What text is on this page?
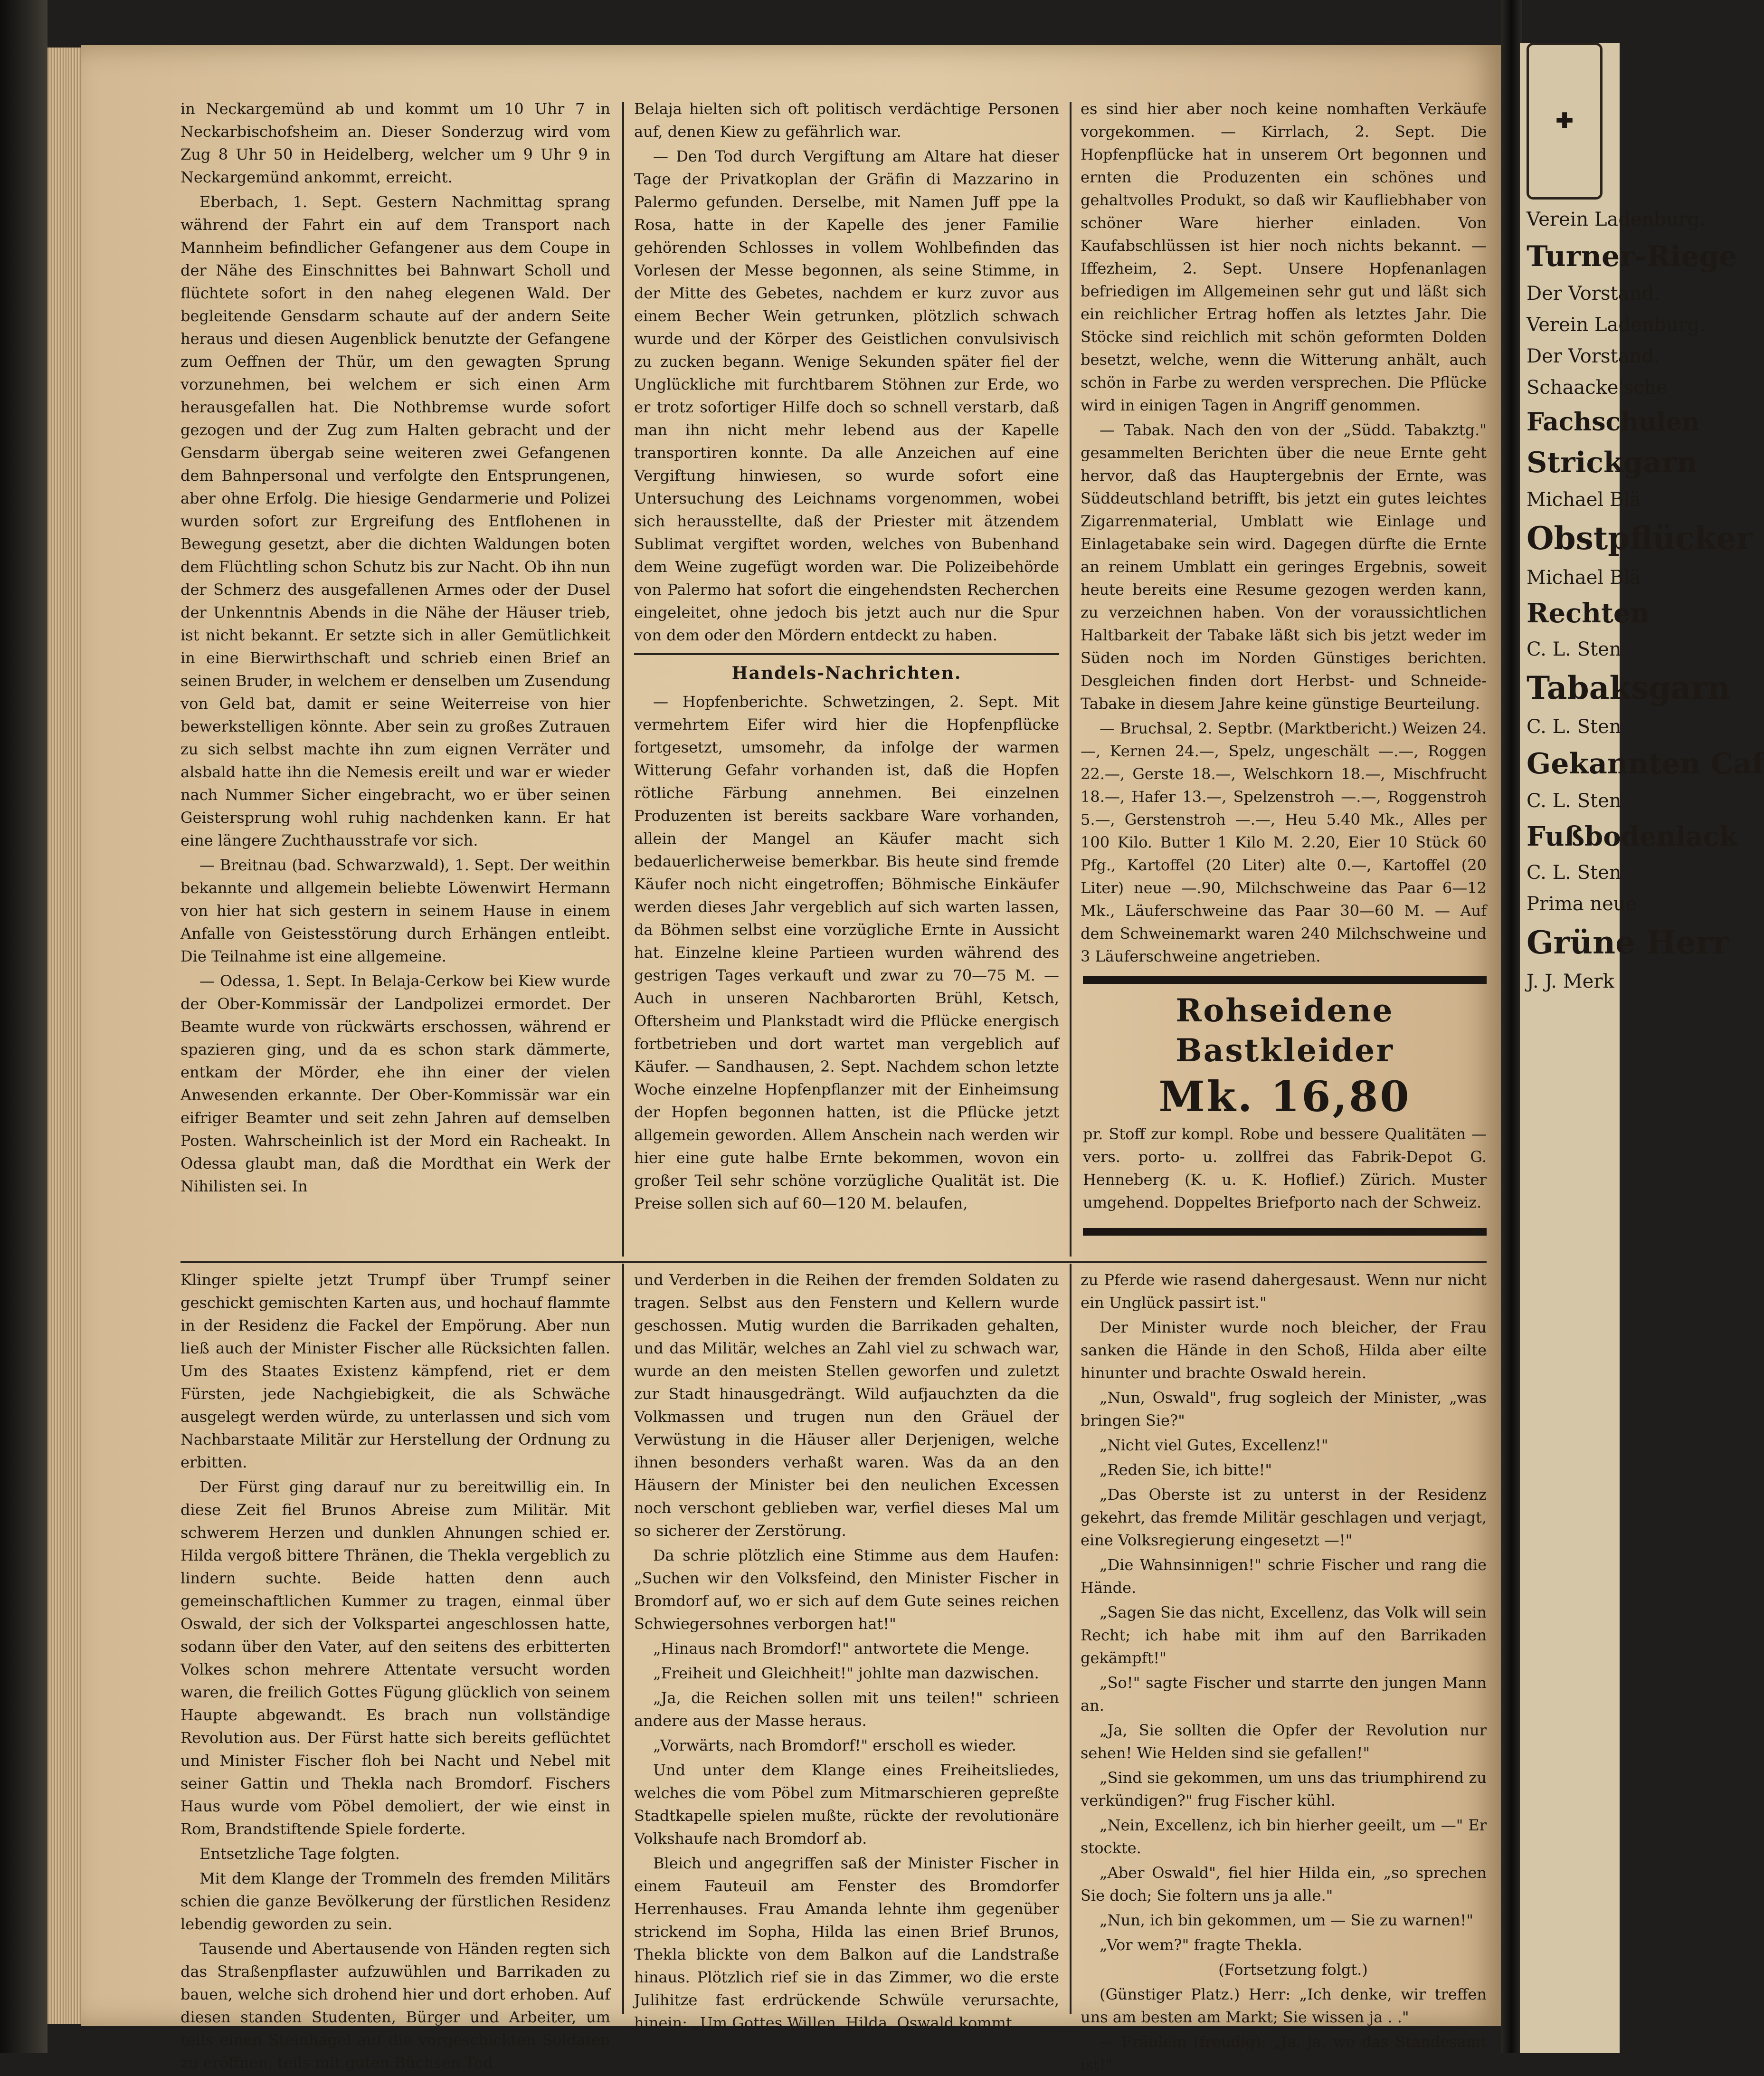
in Neckargemünd ab und kommt um 10 Uhr 7 in Neckarbischofsheim an. Dieser Sonderzug wird vom Zug 8 Uhr 50 in Heidelberg, welcher um 9 Uhr 9 in Neckargemünd ankommt, erreicht.

Eberbach, 1. Sept. Gestern Nachmittag sprang während der Fahrt ein auf dem Transport nach Mannheim befindlicher Gefangener aus dem Coupe in der Nähe des Einschnittes bei Bahnwart Scholl und flüchtete sofort in den naheg elegenen Wald. Der begleitende Gensdarm schaute auf der andern Seite heraus und diesen Augenblick benutzte der Gefangene zum Oeffnen der Thür, um den gewagten Sprung vorzunehmen, bei welchem er sich einen Arm herausgefallen hat. Die Nothbremse wurde sofort gezogen und der Zug zum Halten gebracht und der Gensdarm übergab seine weiteren zwei Gefangenen dem Bahnpersonal und verfolgte den Entsprungenen, aber ohne Erfolg. Die hiesige Gendarmerie und Polizei wurden sofort zur Ergreifung des Entflohenen in Bewegung gesetzt, aber die dichten Waldungen boten dem Flüchtling schon Schutz bis zur Nacht. Ob ihn nun der Schmerz des ausgefallenen Armes oder der Dusel der Unkenntnis Abends in die Nähe der Häuser trieb, ist nicht bekannt. Er setzte sich in aller Gemütlichkeit in eine Bierwirthschaft und schrieb einen Brief an seinen Bruder, in welchem er denselben um Zusendung von Geld bat, damit er seine Weiterreise von hier bewerkstelligen könnte. Aber sein zu großes Zutrauen zu sich selbst machte ihn zum eignen Verräter und alsbald hatte ihn die Nemesis ereilt und war er wieder nach Nummer Sicher eingebracht, wo er über seinen Geistersprung wohl ruhig nachdenken kann. Er hat eine längere Zuchthausstrafe vor sich.

— Breitnau (bad. Schwarzwald), 1. Sept. Der weithin bekannte und allgemein beliebte Löwenwirt Hermann von hier hat sich gestern in seinem Hause in einem Anfalle von Geistesstörung durch Erhängen entleibt. Die Teilnahme ist eine allgemeine.

— Odessa, 1. Sept. In Belaja-Cerkow bei Kiew wurde der Ober-Kommissär der Landpolizei ermordet. Der Beamte wurde von rückwärts erschossen, während er spazieren ging, und da es schon stark dämmerte, entkam der Mörder, ehe ihn einer der vielen Anwesenden erkannte. Der Ober-Kommissär war ein eifriger Beamter und seit zehn Jahren auf demselben Posten. Wahrscheinlich ist der Mord ein Racheakt. In Odessa glaubt man, daß die Mordthat ein Werk der Nihilisten sei. In

Belaja hielten sich oft politisch verdächtige Personen auf, denen Kiew zu gefährlich war.

— Den Tod durch Vergiftung am Altare hat dieser Tage der Privatkoplan der Gräfin di Mazzarino in Palermo gefunden. Derselbe, mit Namen Juff ppe la Rosa, hatte in der Kapelle des jener Familie gehörenden Schlosses in vollem Wohlbefinden das Vorlesen der Messe begonnen, als seine Stimme, in der Mitte des Gebetes, nachdem er kurz zuvor aus einem Becher Wein getrunken, plötzlich schwach wurde und der Körper des Geistlichen convulsivisch zu zucken begann. Wenige Sekunden später fiel der Unglückliche mit furchtbarem Stöhnen zur Erde, wo er trotz sofortiger Hilfe doch so schnell verstarb, daß man ihn nicht mehr lebend aus der Kapelle transportiren konnte. Da alle Anzeichen auf eine Vergiftung hinwiesen, so wurde sofort eine Untersuchung des Leichnams vorgenommen, wobei sich herausstellte, daß der Priester mit ätzendem Sublimat vergiftet worden, welches von Bubenhand dem Weine zugefügt worden war. Die Polizeibehörde von Palermo hat sofort die eingehendsten Recherchen eingeleitet, ohne jedoch bis jetzt auch nur die Spur von dem oder den Mördern entdeckt zu haben.

Handels-Nachrichten.

— Hopfenberichte. Schwetzingen, 2. Sept. Mit vermehrtem Eifer wird hier die Hopfenpflücke fortgesetzt, umsomehr, da infolge der warmen Witterung Gefahr vorhanden ist, daß die Hopfen rötliche Färbung annehmen. Bei einzelnen Produzenten ist bereits sackbare Ware vorhanden, allein der Mangel an Käufer macht sich bedauerlicherweise bemerkbar. Bis heute sind fremde Käufer noch nicht eingetroffen; Böhmische Einkäufer werden dieses Jahr vergeblich auf sich warten lassen, da Böhmen selbst eine vorzügliche Ernte in Aussicht hat. Einzelne kleine Partieen wurden während des gestrigen Tages verkauft und zwar zu 70—75 M. — Auch in unseren Nachbarorten Brühl, Ketsch, Oftersheim und Plankstadt wird die Pflücke energisch fortbetrieben und dort wartet man vergeblich auf Käufer. — Sandhausen, 2. Sept. Nachdem schon letzte Woche einzelne Hopfenpflanzer mit der Einheimsung der Hopfen begonnen hatten, ist die Pflücke jetzt allgemein geworden. Allem Anschein nach werden wir hier eine gute halbe Ernte bekommen, wovon ein großer Teil sehr schöne vorzügliche Qualität ist. Die Preise sollen sich auf 60—120 M. belaufen,

es sind hier aber noch keine nomhaften Verkäufe vorgekommen. — Kirrlach, 2. Sept. Die Hopfenpflücke hat in unserem Ort begonnen und ernten die Produzenten ein schönes und gehaltvolles Produkt, so daß wir Kaufliebhaber von schöner Ware hierher einladen. Von Kaufabschlüssen ist hier noch nichts bekannt. — Iffezheim, 2. Sept. Unsere Hopfenanlagen befriedigen im Allgemeinen sehr gut und läßt sich ein reichlicher Ertrag hoffen als letztes Jahr. Die Stöcke sind reichlich mit schön geformten Dolden besetzt, welche, wenn die Witterung anhält, auch schön in Farbe zu werden versprechen. Die Pflücke wird in einigen Tagen in Angriff genommen.

— Tabak. Nach den von der „Südd. Tabakztg." gesammelten Berichten über die neue Ernte geht hervor, daß das Hauptergebnis der Ernte, was Süddeutschland betrifft, bis jetzt ein gutes leichtes Zigarrenmaterial, Umblatt wie Einlage und Einlagetabake sein wird. Dagegen dürfte die Ernte an reinem Umblatt ein geringes Ergebnis, soweit heute bereits eine Resume gezogen werden kann, zu verzeichnen haben. Von der voraussichtlichen Haltbarkeit der Tabake läßt sich bis jetzt weder im Süden noch im Norden Günstiges berichten. Desgleichen finden dort Herbst- und Schneide-Tabake in diesem Jahre keine günstige Beurteilung.

— Bruchsal, 2. Septbr. (Marktbericht.) Weizen 24.—, Kernen 24.—, Spelz, ungeschält —.—, Roggen 22.—, Gerste 18.—, Welschkorn 18.—, Mischfrucht 18.—, Hafer 13.—, Spelzenstroh —.—, Roggenstroh 5.—, Gerstenstroh —.—, Heu 5.40 Mk., Alles per 100 Kilo. Butter 1 Kilo M. 2.20, Eier 10 Stück 60 Pfg., Kartoffel (20 Liter) alte 0.—, Kartoffel (20 Liter) neue —.90, Milchschweine das Paar 6—12 Mk., Läuferschweine das Paar 30—60 M. — Auf dem Schweinemarkt waren 240 Milchschweine und 3 Läuferschweine angetrieben.

Rohseidene Bastkleider
Mk. 16,80
pr. Stoff zur kompl. Robe und bessere Qualitäten — vers. porto- u. zollfrei das Fabrik-Depot G. Henneberg (K. u. K. Hoflief.) Zürich. Muster umgehend. Doppeltes Briefporto nach der Schweiz.

Klinger spielte jetzt Trumpf über Trumpf seiner geschickt gemischten Karten aus, und hochauf flammte in der Residenz die Fackel der Empörung. Aber nun ließ auch der Minister Fischer alle Rücksichten fallen. Um des Staates Existenz kämpfend, riet er dem Fürsten, jede Nachgiebigkeit, die als Schwäche ausgelegt werden würde, zu unterlassen und sich vom Nachbarstaate Militär zur Herstellung der Ordnung zu erbitten.

Der Fürst ging darauf nur zu bereitwillig ein. In diese Zeit fiel Brunos Abreise zum Militär. Mit schwerem Herzen und dunklen Ahnungen schied er. Hilda vergoß bittere Thränen, die Thekla vergeblich zu lindern suchte. Beide hatten denn auch gemeinschaftlichen Kummer zu tragen, einmal über Oswald, der sich der Volkspartei angeschlossen hatte, sodann über den Vater, auf den seitens des erbitterten Volkes schon mehrere Attentate versucht worden waren, die freilich Gottes Fügung glücklich von seinem Haupte abgewandt. Es brach nun vollständige Revolution aus. Der Fürst hatte sich bereits geflüchtet und Minister Fischer floh bei Nacht und Nebel mit seiner Gattin und Thekla nach Bromdorf. Fischers Haus wurde vom Pöbel demoliert, der wie einst in Rom, Brandstiftende Spiele forderte.

Entsetzliche Tage folgten.

Mit dem Klange der Trommeln des fremden Militärs schien die ganze Bevölkerung der fürstlichen Residenz lebendig geworden zu sein.

Tausende und Abertausende von Händen regten sich das Straßenpflaster aufzuwühlen und Barrikaden zu bauen, welche sich drohend hier und dort erhoben. Auf diesen standen Studenten, Bürger und Arbeiter, um teils einen Steinhagel auf die vorgeschickten Soldaten zu eröffnen, teils mit guten Büchsen Tod

und Verderben in die Reihen der fremden Soldaten zu tragen. Selbst aus den Fenstern und Kellern wurde geschossen. Mutig wurden die Barrikaden gehalten, und das Militär, welches an Zahl viel zu schwach war, wurde an den meisten Stellen geworfen und zuletzt zur Stadt hinausgedrängt. Wild aufjauchzten da die Volkmassen und trugen nun den Gräuel der Verwüstung in die Häuser aller Derjenigen, welche ihnen besonders verhaßt waren. Was da an den Häusern der Minister bei den neulichen Excessen noch verschont geblieben war, verfiel dieses Mal um so sicherer der Zerstörung.

Da schrie plötzlich eine Stimme aus dem Haufen: „Suchen wir den Volksfeind, den Minister Fischer in Bromdorf auf, wo er sich auf dem Gute seines reichen Schwiegersohnes verborgen hat!"

„Hinaus nach Bromdorf!" antwortete die Menge.

„Freiheit und Gleichheit!" johlte man dazwischen.

„Ja, die Reichen sollen mit uns teilen!" schrieen andere aus der Masse heraus.

„Vorwärts, nach Bromdorf!" erscholl es wieder.

Und unter dem Klange eines Freiheitsliedes, welches die vom Pöbel zum Mitmarschieren gepreßte Stadtkapelle spielen mußte, rückte der revolutionäre Volkshaufe nach Bromdorf ab.

Bleich und angegriffen saß der Minister Fischer in einem Fauteuil am Fenster des Bromdorfer Herrenhauses. Frau Amanda lehnte ihm gegenüber strickend im Sopha, Hilda las einen Brief Brunos, Thekla blickte von dem Balkon auf die Landstraße hinaus. Plötzlich rief sie in das Zimmer, wo die erste Julihitze fast erdrückende Schwüle verursachte, hinein: „Um Gottes Willen, Hilda, Oswald kommt

zu Pferde wie rasend dahergesaust. Wenn nur nicht ein Unglück passirt ist."

Der Minister wurde noch bleicher, der Frau sanken die Hände in den Schoß, Hilda aber eilte hinunter und brachte Oswald herein.

„Nun, Oswald", frug sogleich der Minister, „was bringen Sie?"

„Nicht viel Gutes, Excellenz!"

„Reden Sie, ich bitte!"

„Das Oberste ist zu unterst in der Residenz gekehrt, das fremde Militär geschlagen und verjagt, eine Volksregierung eingesetzt —!"

„Die Wahnsinnigen!" schrie Fischer und rang die Hände.

„Sagen Sie das nicht, Excellenz, das Volk will sein Recht; ich habe mit ihm auf den Barrikaden gekämpft!"

„So!" sagte Fischer und starrte den jungen Mann an.

„Ja, Sie sollten die Opfer der Revolution nur sehen! Wie Helden sind sie gefallen!"

„Sind sie gekommen, um uns das triumphirend zu verkündigen?" frug Fischer kühl.

„Nein, Excellenz, ich bin hierher geeilt, um —" Er stockte.

„Aber Oswald", fiel hier Hilda ein, „so sprechen Sie doch; Sie foltern uns ja alle."

„Nun, ich bin gekommen, um — Sie zu warnen!"

„Vor wem?" fragte Thekla.

(Fortsetzung folgt.)

(Günstiger Platz.) Herr: „Ich denke, wir treffen uns am besten am Markt; Sie wissen ja . ."

— Fräulein (freudig): „Ja, ja, wo das Standesamt ist!"

✚
Verein Ladenburg.
Turner-Riege
Der Vorstand.
Verein Ladenburg.
Der Vorstand.
Schaacke'sche
Fachschulen
Strickgarn
Michael Blä
Obstpflücker
Michael Blä
Rechten
C. L. Sten
Tabaksgarn
C. L. Sten
Gekannten Caf
C. L. Sten
Fußbodenlack
C. L. Sten
Prima neue
Grüne Herr
J. J. Merk
